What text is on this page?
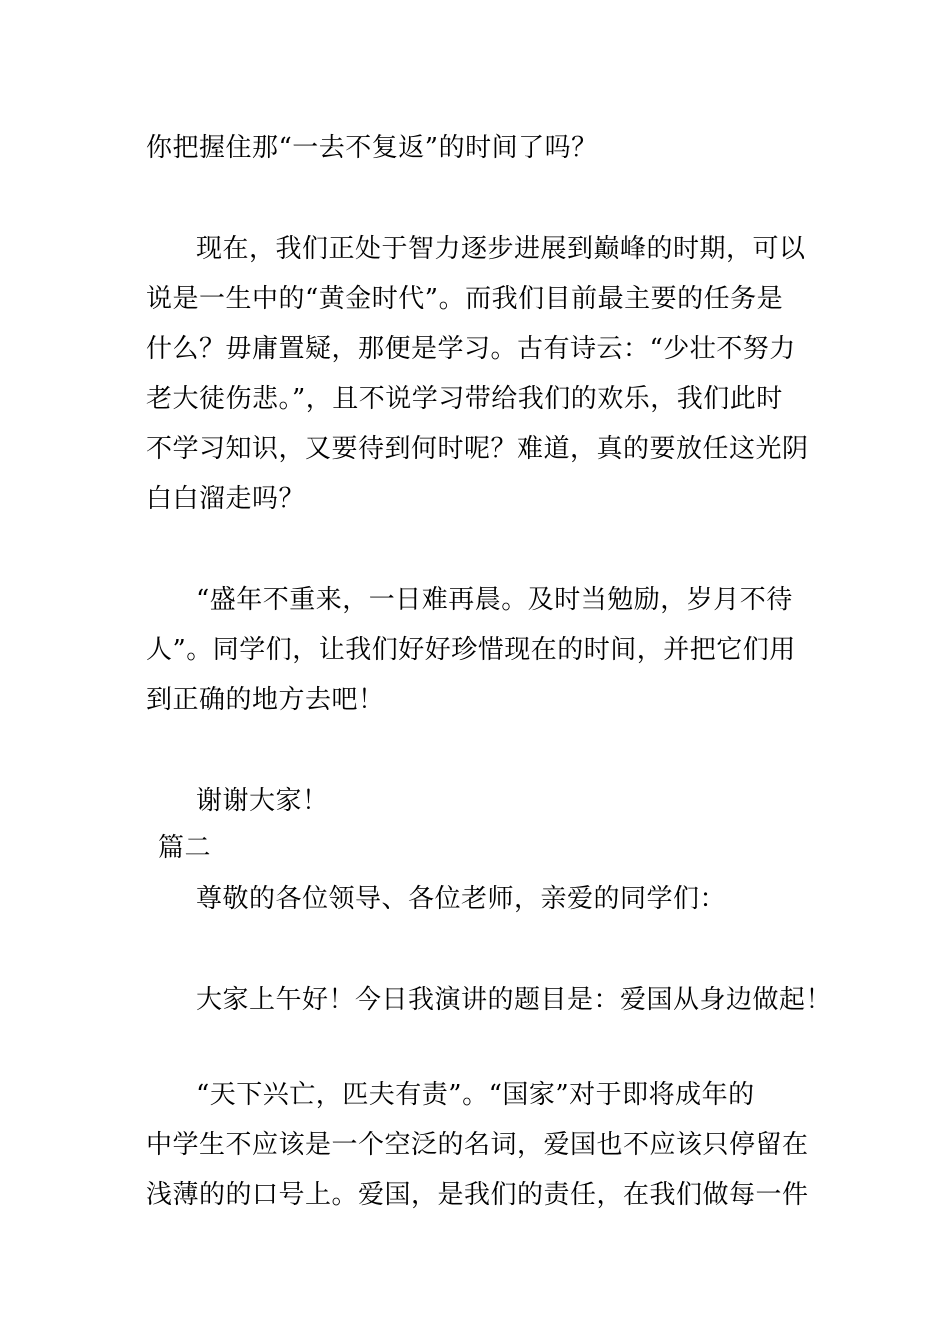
你把握住那“一去不复返”的时间了吗？
现在，我们正处于智力逐步进展到巅峰的时期，可以
说是一生中的“黄金时代”。而我们目前最主要的任务是
什么？毋庸置疑，那便是学习。古有诗云：“少壮不努力
老大徒伤悲。”，且不说学习带给我们的欢乐，我们此时
不学习知识，又要待到何时呢？难道，真的要放任这光阴
白白溜走吗？
“盛年不重来，一日难再晨。及时当勉励，岁月不待
人”。同学们，让我们好好珍惜现在的时间，并把它们用
到正确的地方去吧！
谢谢大家！
篇二
尊敬的各位领导、各位老师，亲爱的同学们：
大家上午好！今日我演讲的题目是：爱国从身边做起！
“天下兴亡，匹夫有责”。“国家”对于即将成年的
中学生不应该是一个空泛的名词，爱国也不应该只停留在
浅薄的的口号上。爱国，是我们的责任，在我们做每一件
